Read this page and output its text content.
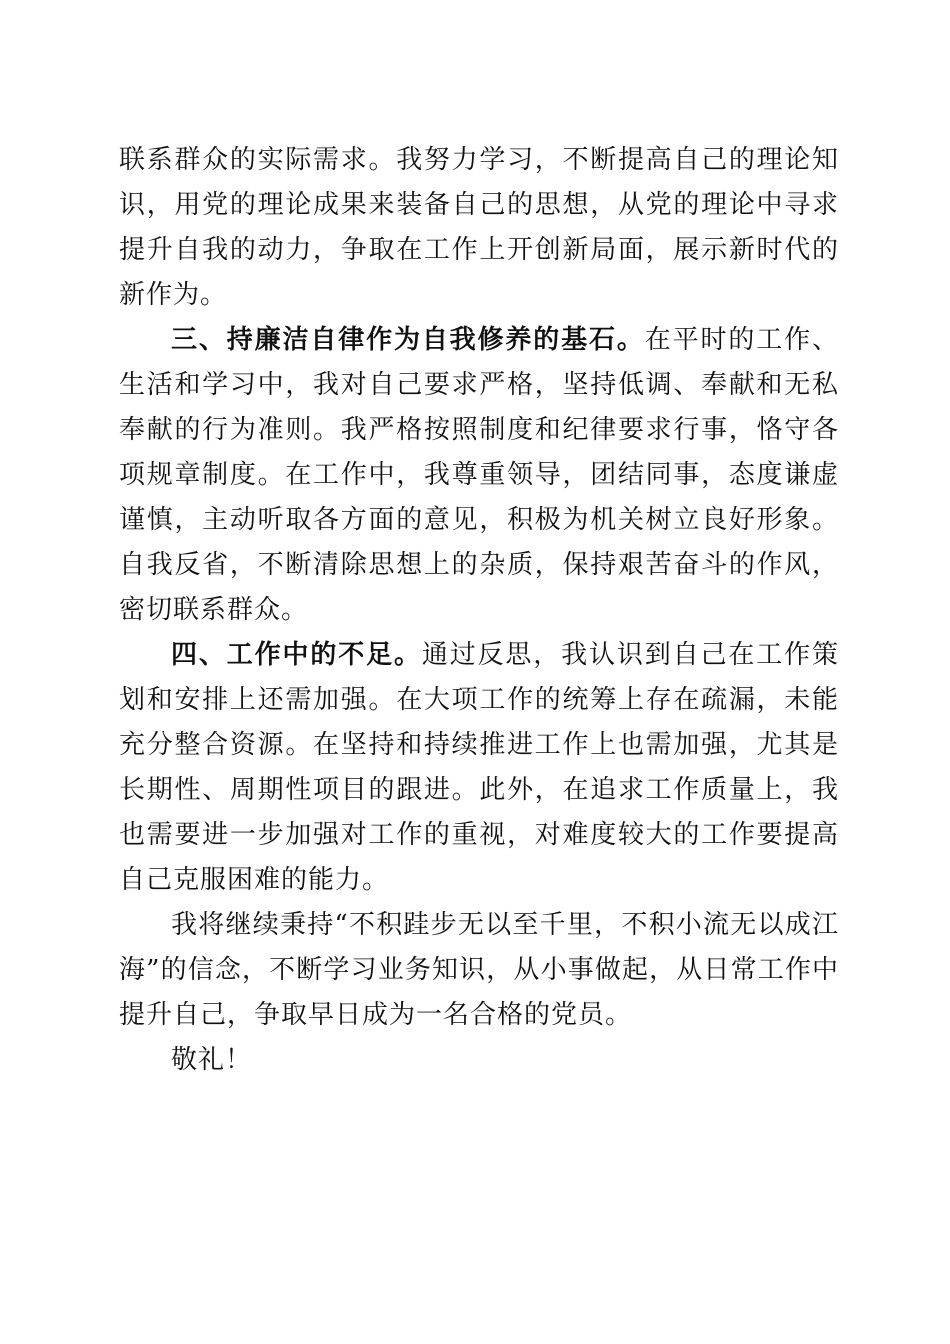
联系群众的实际需求。我努力学习，不断提高自己的理论知识，用党的理论成果来装备自己的思想，从党的理论中寻求提升自我的动力，争取在工作上开创新局面，展示新时代的新作为。

三、持廉洁自律作为自我修养的基石。在平时的工作、生活和学习中，我对自己要求严格，坚持低调、奉献和无私奉献的行为准则。我严格按照制度和纪律要求行事，恪守各项规章制度。在工作中，我尊重领导，团结同事，态度谦虚谨慎，主动听取各方面的意见，积极为机关树立良好形象。自我反省，不断清除思想上的杂质，保持艰苦奋斗的作风，密切联系群众。

四、工作中的不足。通过反思，我认识到自己在工作策划和安排上还需加强。在大项工作的统筹上存在疏漏，未能充分整合资源。在坚持和持续推进工作上也需加强，尤其是长期性、周期性项目的跟进。此外，在追求工作质量上，我也需要进一步加强对工作的重视，对难度较大的工作要提高自己克服困难的能力。

我将继续秉持“不积跬步无以至千里，不积小流无以成江海”的信念，不断学习业务知识，从小事做起，从日常工作中提升自己，争取早日成为一名合格的党员。

敬礼！
